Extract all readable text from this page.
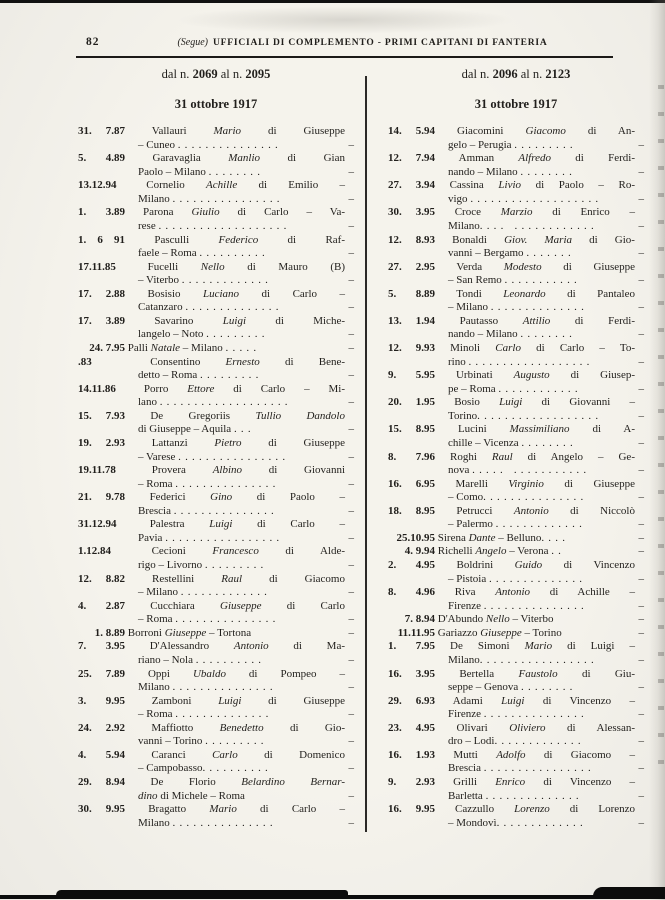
82	(Segue) UFFICIALI DI COMPLEMENTO - PRIMI CAPITANI DI FANTERIA
dal n. 2069 al n. 2095
31 ottobre 1917
31. 7.87 Vallauri Mario di Giuseppe
– Cuneo ...............	–
5. 4.89 Garavaglia Manlio di Gian
Paolo – Milano ........	–
13.12.94 Cornelio Achille di Emilio –
Milano ................	–
1. 3.89 Parona Giulio di Carlo – Va-
rese ...................	–
1. 6 91 Pasculli Federico di Raf-
faele – Roma ..........	–
17.11.85 Fucelli Nello di Mauro (B)
– Viterbo .............	–
17. 2.88 Bosisio Luciano di Carlo –
Catanzaro ..............	–
17. 3.89 Savarino Luigi di Miche-
langelo – Noto .........	–
24. 7.95 Palli Natale – Milano .....	–
.83	Consentino Ernesto di Bene-
detto – Roma .........	–
14.11.86 Porro Ettore di Carlo – Mi-
lano ...................	–
15. 7.93 De Gregoriis Tullio Dandolo
di Giuseppe – Aquila ...	–
19. 2.93 Lattanzi Pietro di Giuseppe
– Varese ................	–
19.11.78 Provera Albino di Giovanni
– Roma ...............	–
21. 9.78 Federici Gino di Paolo –
Brescia ...............	–
31.12.94 Palestra Luigi di Carlo –
Pavia .................	–
1.12.84 Cecioni Francesco di Alde-
rigo – Livorno .........	–
12. 8.82 Restellini Raul di Giacomo
– Milano .............	–
4. 2.87 Cucchiara Giuseppe di Carlo
– Roma ...............	–
1. 8.89 Borroni Giuseppe – Tortona	–
7. 3.95 D'Alessandro Antonio di Ma-
riano – Nola ..........	–
25. 7.89 Oppi Ubaldo di Pompeo –
Milano ...............	–
3. 9.95 Zamboni Luigi di Giuseppe
– Roma ..............	–
24. 2.92 Maffiotto Benedetto di Gio-
vanni – Torino .........	–
4. 5.94 Caranci Carlo di Domenico
– Campobasso..........	–
29. 8.94 De Florio Belardino Bernar-
dino di Michele – Roma	–
30. 9.95 Bragatto Mario di Carlo –
Milano ...............	–
dal n. 2096 al n. 2123
31 ottobre 1917
14. 5.94 Giacomini Giacomo di An-
gelo – Perugia .........	–
12. 7.94 Amman Alfredo di Ferdi-
nando – Milano ........	–
27. 3.94 Cassina Livio di Paolo – Ro-
vigo ...................	–
30. 3.95 Croce Marzio di Enrico –
Milano.... ............	–
12. 8.93 Bonaldi Giov. Maria di Gio-
vanni – Bergamo .......	–
27. 2.95 Verda Modesto di Giuseppe
– San Remo ...........	–
5. 8.89 Tondi Leonardo di Pantaleo
– Milano ..............	–
13. 1.94 Pautasso Attilio di Ferdi-
nando – Milano ........	–
12. 9.93 Minoli Carlo di Carlo – To-
rino ..................	–
9. 5.95 Urbinati Augusto di Giusep-
pe – Roma ............	–
20. 1.95 Bosio Luigi di Giovanni –
Torino..................	–
15. 8.95 Lucini Massimiliano di A-
chille – Vicenza ........	–
8. 7.96 Roghi Raul di Angelo – Ge-
nova ..... ...........	–
16. 6.95 Marelli Virginio di Giuseppe
– Como...............	–
18. 8.95 Petrucci Antonio di Niccolò
– Palermo .............	–
25.10.95 Sirena Dante – Belluno....	–
4. 9.94 Richelli Angelo – Verona ..	–
2. 4.95 Boldrini Guido di Vincenzo
– Pistoia ..............	–
8. 4.96 Riva Antonio di Achille –
Firenze ...............	–
7. 8.94 D'Abundo Nello – Viterbo	–
11.11.95 Gariazzo Giuseppe – Torino	–
1. 7.95 De Simoni Mario di Luigi –
Milano.................	–
16. 3.95 Bertella Faustolo di Giu-
seppe – Genova ........	–
29. 6.93 Adami Luigi di Vincenzo –
Firenze ...............	–
23. 4.95 Olivari Oliviero di Alessan-
dro – Lodi.............	–
16. 1.93 Mutti Adolfo di Giacomo –
Brescia ................	–
9. 2.93 Grilli Enrico di Vincenzo –
Barletta ..............	–
16. 9.95 Cazzullo Lorenzo di Lorenzo
– Mondovì.............	–
